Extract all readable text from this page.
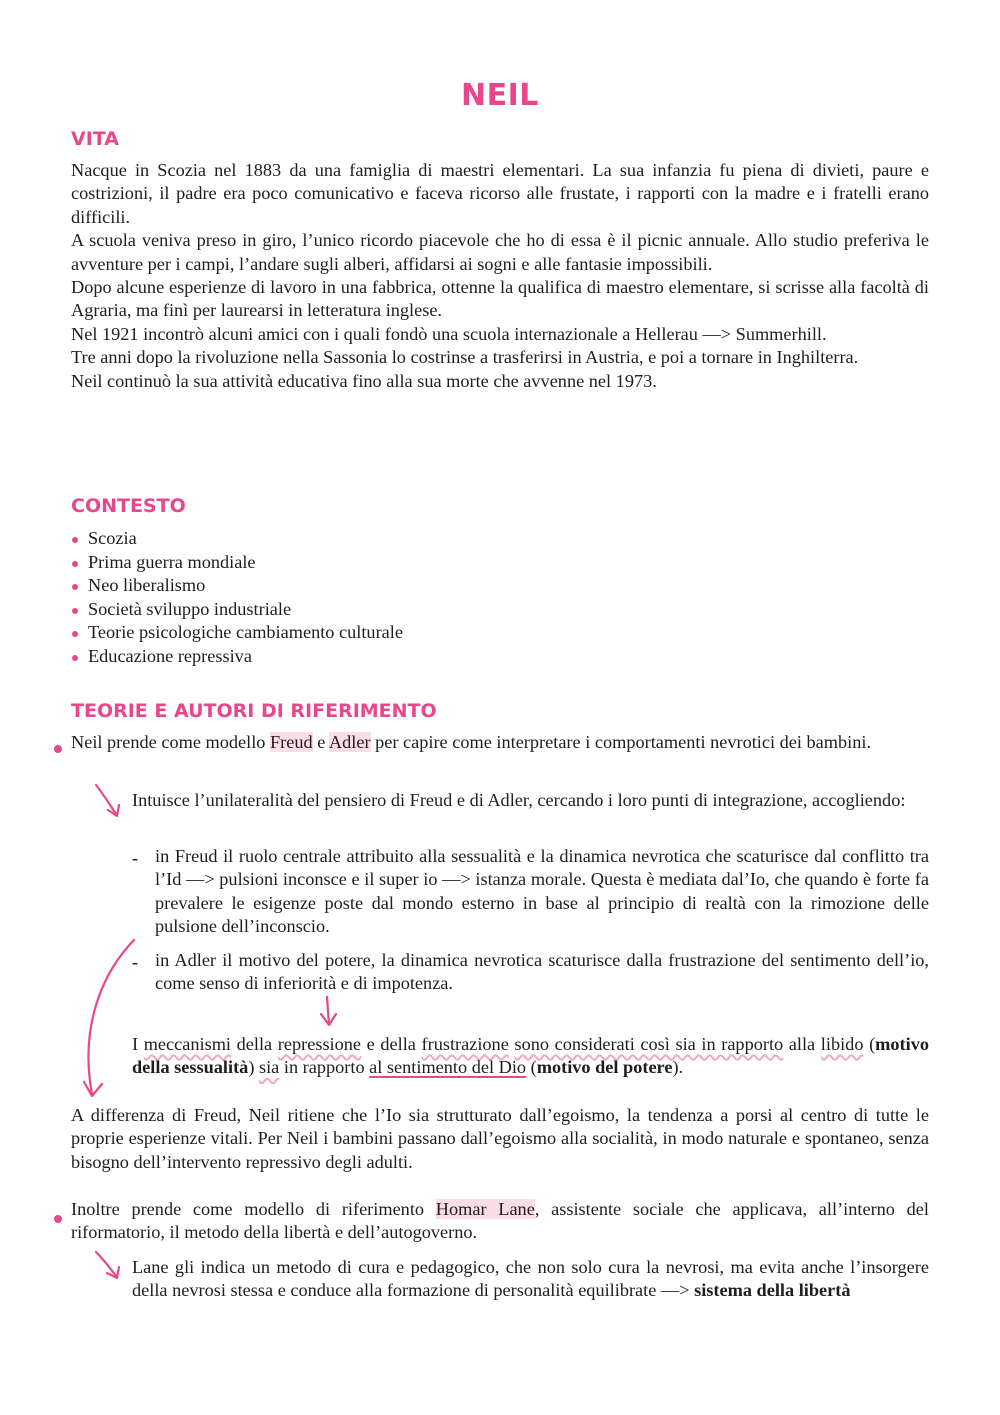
NEIL
VITA

Nacque in Scozia nel 1883 da una famiglia di maestri elementari. La sua infanzia fu piena di divieti, paure e costrizioni, il padre era poco comunicativo e faceva ricorso alle frustate, i rapporti con la madre e i fratelli erano difficili.

A scuola veniva preso in giro, l’unico ricordo piacevole che ho di essa è il picnic annuale. Allo studio preferiva le avventure per i campi, l’andare sugli alberi, affidarsi ai sogni e alle fantasie impossibili.

Dopo alcune esperienze di lavoro in una fabbrica, ottenne la qualifica di maestro elementare, si scrisse alla facoltà di Agraria, ma finì per laurearsi in letteratura inglese.

Nel 1921 incontrò alcuni amici con i quali fondò una scuola internazionale a Hellerau —> Summerhill.

Tre anni dopo la rivoluzione nella Sassonia lo costrinse a trasferirsi in Austria, e poi a tornare in Inghilterra.

Neil continuò la sua attività educativa fino alla sua morte che avvenne nel 1973.

CONTESTO
Scozia
Prima guerra mondiale
Neo liberalismo
Società sviluppo industriale
Teorie psicologiche cambiamento culturale
Educazione repressiva
TEORIE E AUTORI DI RIFERIMENTO
Neil prende come modello Freud e Adler per capire come interpretare i comportamenti nevrotici dei bambini.
Intuisce l’unilateralità del pensiero di Freud e di Adler, cercando i loro punti di integrazione, accogliendo:
- in Freud il ruolo centrale attribuito alla sessualità e la dinamica nevrotica che scaturisce dal conflitto tra l’Id —> pulsioni inconsce e il super io —> istanza morale. Questa è mediata dal’Io, che quando è forte fa prevalere le esigenze poste dal mondo esterno in base al principio di realtà con la rimozione delle pulsione dell’inconscio.
- in Adler il motivo del potere, la dinamica nevrotica scaturisce dalla frustrazione del sentimento dell’io, come senso di inferiorità e di impotenza.
I meccanismi della repressione e della frustrazione sono considerati così sia in rapporto alla libido (motivo della sessualità) sia in rapporto al sentimento del Dio (motivo del potere).
A differenza di Freud, Neil ritiene che l’Io sia strutturato dall’egoismo, la tendenza a porsi al centro di tutte le proprie esperienze vitali. Per Neil i bambini passano dall’egoismo alla socialità, in modo naturale e spontaneo, senza bisogno dell’intervento repressivo degli adulti.
Inoltre prende come modello di riferimento Homar Lane, assistente sociale che applicava, all’interno del riformatorio, il metodo della libertà e dell’autogoverno.
Lane gli indica un metodo di cura e pedagogico, che non solo cura la nevrosi, ma evita anche l’insorgere della nevrosi stessa e conduce alla formazione di personalità equilibrate —> sistema della libertà
